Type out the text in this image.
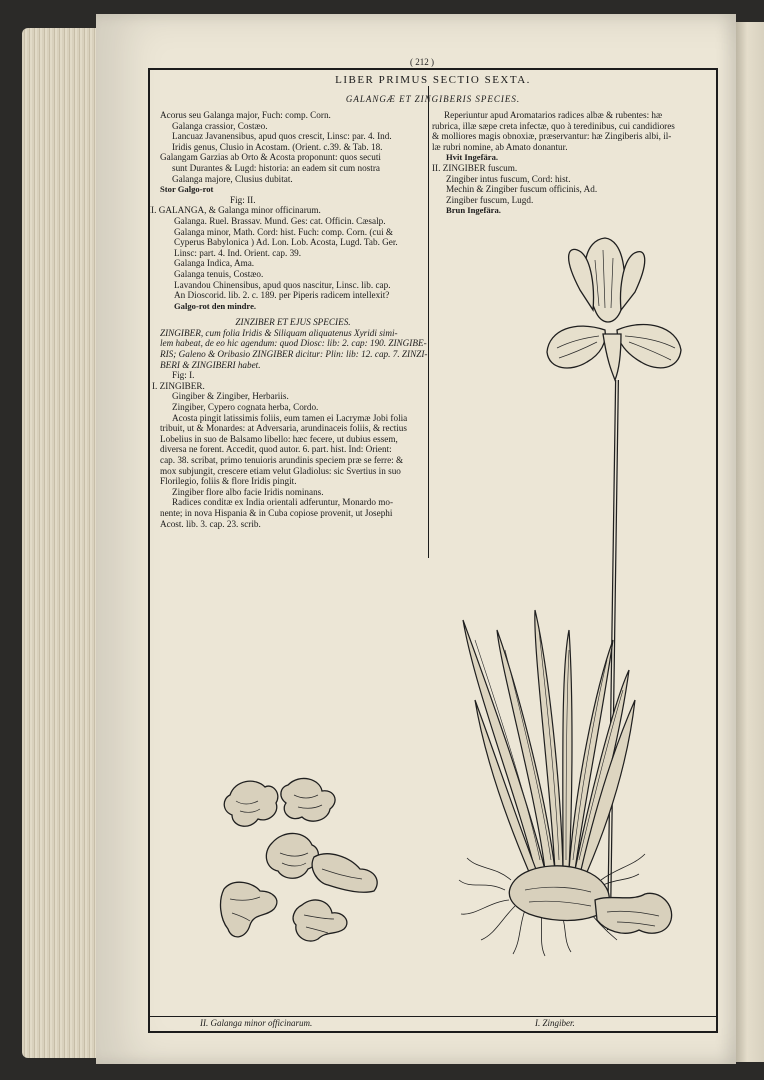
( 212 )
LIBER PRIMUS SECTIO SEXTA.
GALANGÆ ET ZINGIBERIS SPECIES.

Acorus seu Galanga major, Fuch: comp. Corn.

Galanga crassior, Costæo.

Lancuaz Javanensibus, apud quos crescit, Linsc: par. 4. Ind.

Iridis genus, Clusio in Acostam. (Orient. c.39. & Tab. 18.

Galangam Garzias ab Orto & Acosta proponunt: quos secuti

sunt Durantes & Lugd: historia: an eadem sit cum nostra

Galanga majore, Clusius dubitat.

Stor Galgo-rot

Fig: II.

II. GALANGA, & Galanga minor officinarum.

Galanga. Ruel. Brassav. Mund. Ges: cat. Officin. Cæsalp.

Galanga minor, Math. Cord: hist. Fuch: comp. Corn. (cui &

Cyperus Babylonica ) Ad. Lon. Lob. Acosta, Lugd. Tab. Ger.

Linsc: part. 4. Ind. Orient. cap. 39.

Galanga Indica, Ama.

Galanga tenuis, Costæo.

Lavandou Chinensibus, apud quos nascitur, Linsc. lib. cap.

An Dioscorid. lib. 2. c. 189. per Piperis radicem intellexit?

Galgo-rot den mindre.

ZINZIBER ET EJUS SPECIES.

ZINGIBER, cum folia Iridis & Siliquam aliquatenus Xyridi simi-

lem habeat, de eo hic agendum: quod Diosc: lib: 2. cap: 190. ZINGIBE-

RIS; Galeno & Oribasio ZINGIBER dicitur: Plin: lib: 12. cap. 7. ZINZI-

BERI & ZINGIBERI habet.

Fig: I.

I. ZINGIBER.

Gingiber & Zingiber, Herbariis.

Zingiber, Cypero cognata herba, Cordo.

Acosta pingit latissimis foliis, eum tamen ei Lacrymæ Jobi folia

tribuit, ut & Monardes: at Adversaria, arundinaceis foliis, & rectius

Lobelius in suo de Balsamo libello: hæc fecere, ut dubius essem,

diversa ne forent. Accedit, quod autor. 6. part. hist. Ind: Orient:

cap. 38. scribat, primo tenuioris arundinis speciem præ se ferre: &

mox subjungit, crescere etiam velut Gladiolus: sic Svertius in suo

Florilegio, foliis & flore Iridis pingit.

Zingiber flore albo facie Iridis nominans.

Radices conditæ ex India orientali adferuntur, Monardo mo-

nente; in nova Hispania & in Cuba copiose provenit, ut Josephi

Acost. lib. 3. cap. 23. scrib.

Reperiuntur apud Aromatarios radices albæ & rubentes: hæ

rubrica, illæ sæpe creta infectæ, quo à teredinibus, cui candidiores

& molliores magis obnoxiæ, præservantur: hæ Zingiberis albi, il-

læ rubri nomine, ab Amato donantur.

Hvit Ingefära.

II. ZINGIBER fuscum.

Zingiber intus fuscum, Cord: hist.

Mechin & Zingiber fuscum officinis, Ad.

Zingiber fuscum, Lugd.

Brun Ingefära.

II. Galanga minor officinarum.	I. Zingiber.
